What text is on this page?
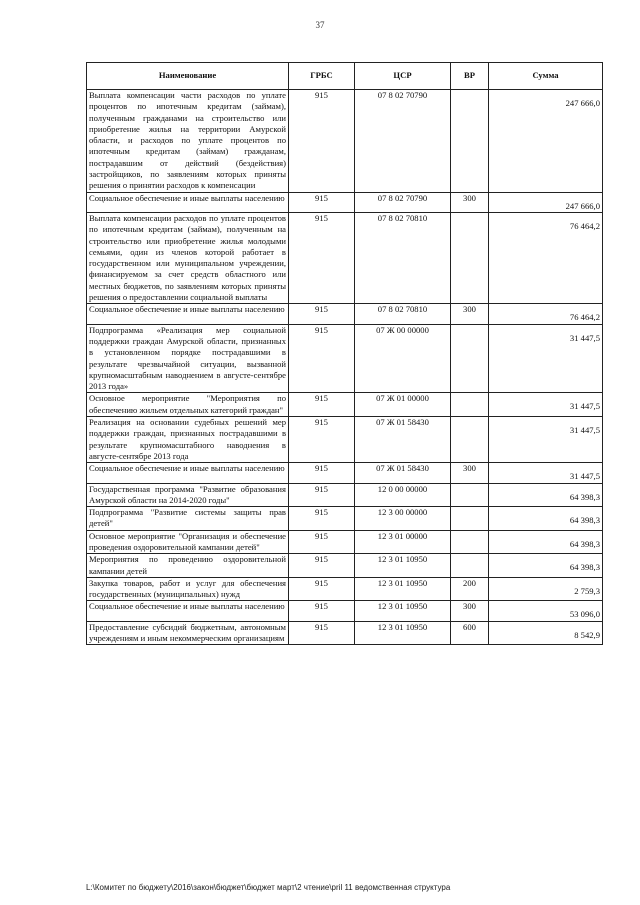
37
Наименование	ГРБС	ЦСР	ВР	Сумма
Выплата компенсации части расходов по уплате процентов по ипотечным кредитам (займам), полученным гражданами на строительство или приобретение жилья на территории Амурской области, и расходов по уплате процентов по ипотечным кредитам (займам) гражданам, пострадавшим от действий (бездействия) застройщиков, по заявлениям которых приняты решения о принятии расходов к компенсации	915	07 8 02 70790		247 666,0
Социальное обеспечение и иные выплаты населению	915	07 8 02 70790	300	247 666,0
Выплата компенсации расходов по уплате процентов по ипотечным кредитам (займам), полученным на строительство или приобретение жилья молодыми семьями, один из членов которой работает в государственном или муниципальном учреждении, финансируемом за счет средств областного или местных бюджетов, по заявлениям которых приняты решения о предоставлении социальной выплаты	915	07 8 02 70810		76 464,2
Социальное обеспечение и иные выплаты населению	915	07 8 02 70810	300	76 464,2
Подпрограмма «Реализация мер социальной поддержки граждан Амурской области, признанных в установленном порядке пострадавшими в результате чрезвычайной ситуации, вызванной крупномасштабным наводнением в августе-сентябре 2013 года»	915	07 Ж 00 00000		31 447,5
Основное мероприятие "Мероприятия по обеспечению жильем отдельных категорий граждан"	915	07 Ж 01 00000		31 447,5
Реализация на основании судебных решений мер поддержки граждан, признанных пострадавшими в результате крупномасштабного наводнения в августе-сентябре 2013 года	915	07 Ж 01 58430		31 447,5
Социальное обеспечение и иные выплаты населению	915	07 Ж 01 58430	300	31 447,5
Государственная программа "Развитие образования Амурской области на 2014-2020 годы"	915	12 0 00 00000		64 398,3
Подпрограмма "Развитие системы защиты прав детей"	915	12 3 00 00000		64 398,3
Основное мероприятие "Организация и обеспечение проведения оздоровительной кампании детей"	915	12 3 01 00000		64 398,3
Мероприятия по проведению оздоровительной кампании детей	915	12 3 01 10950		64 398,3
Закупка товаров, работ и услуг для обеспечения государственных (муниципальных) нужд	915	12 3 01 10950	200	2 759,3
Социальное обеспечение и иные выплаты населению	915	12 3 01 10950	300	53 096,0
Предоставление субсидий бюджетным, автономным учреждениям и иным некоммерческим организациям	915	12 3 01 10950	600	8 542,9
L:\Комитет по бюджету\2016\закон\бюджет\бюджет март\2 чтение\pril 11 ведомственная структура
